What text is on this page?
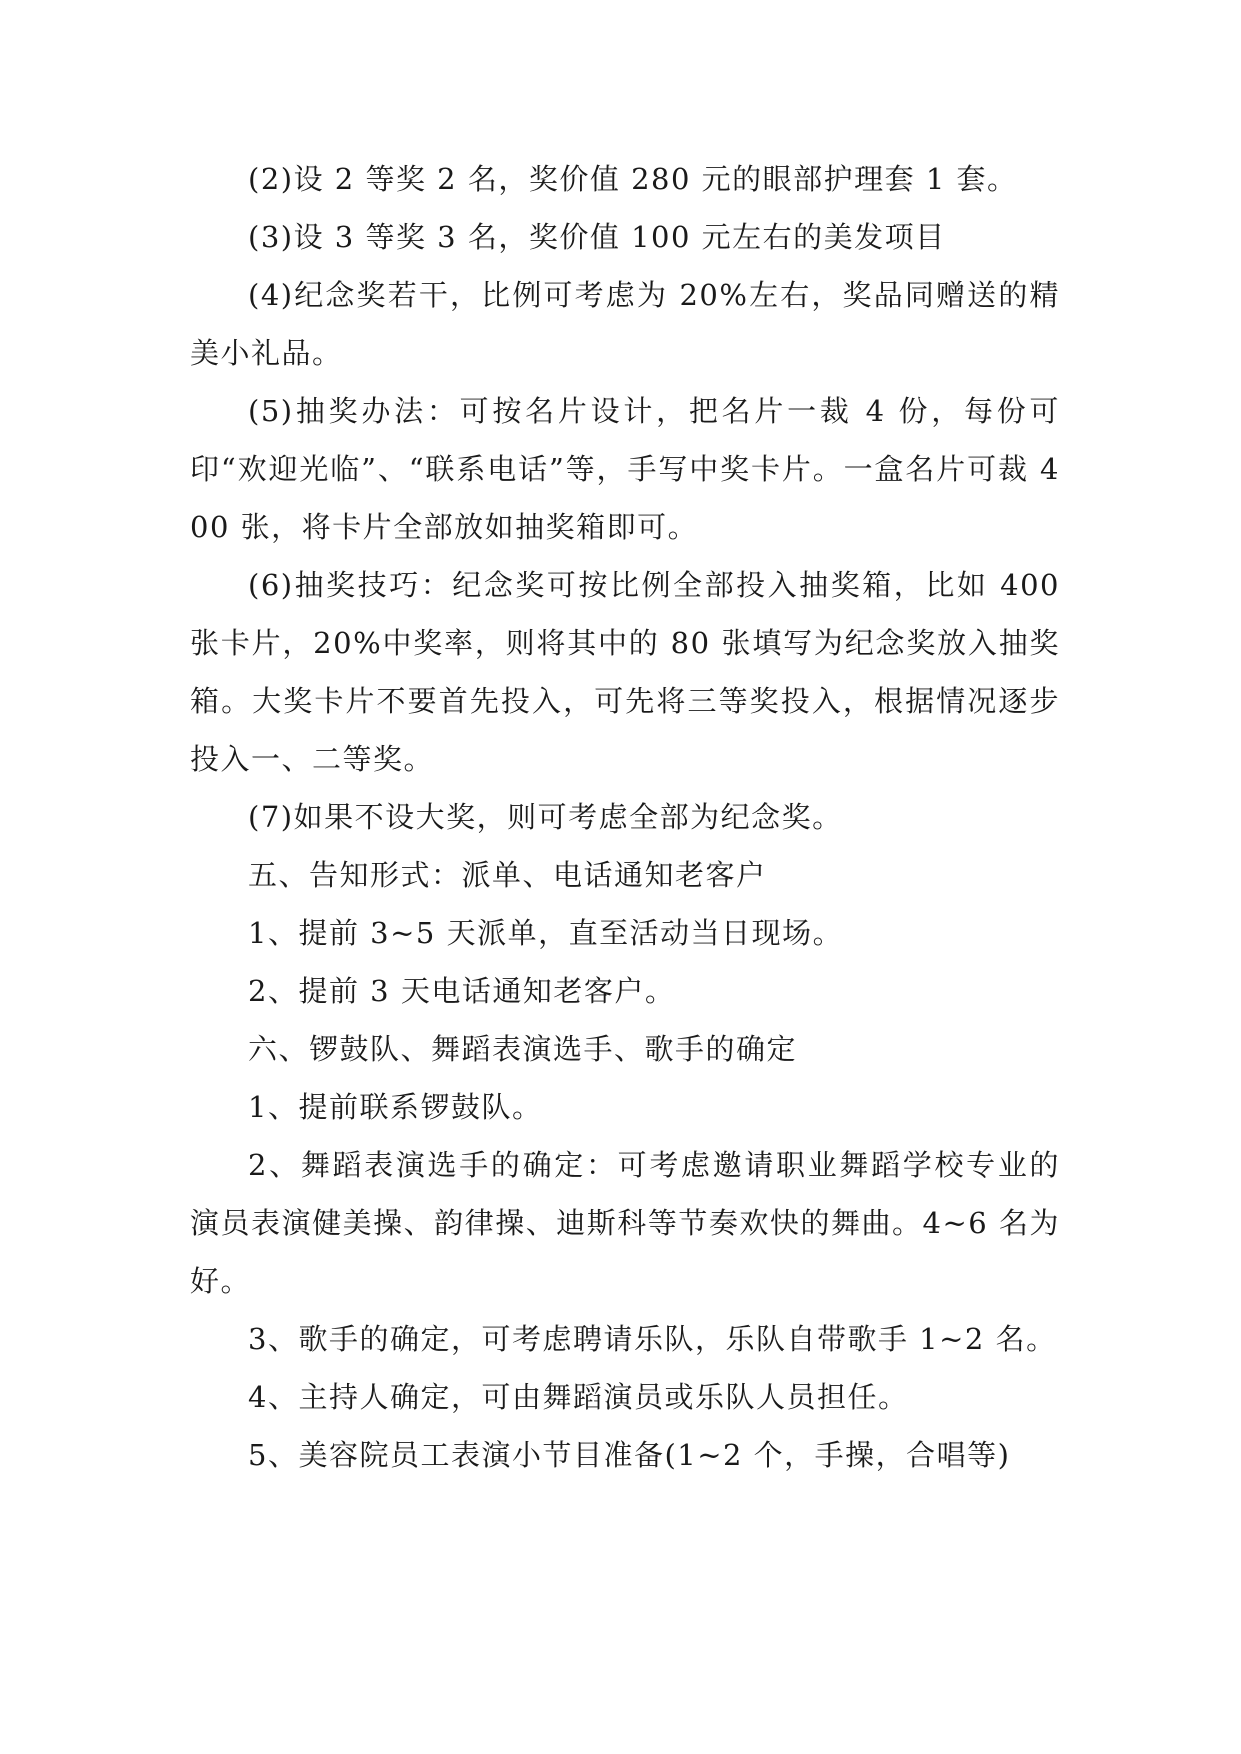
(2)设 2 等奖 2 名，奖价值 280 元的眼部护理套 1 套。

(3)设 3 等奖 3 名，奖价值 100 元左右的美发项目

(4)纪念奖若干，比例可考虑为 20%左右，奖品同赠送的精美小礼品。

(5)抽奖办法：可按名片设计，把名片一裁 4 份，每份可印“欢迎光临”、“联系电话”等，手写中奖卡片。一盒名片可裁 400 张，将卡片全部放如抽奖箱即可。

(6)抽奖技巧：纪念奖可按比例全部投入抽奖箱，比如 400 张卡片，20%中奖率，则将其中的 80 张填写为纪念奖放入抽奖箱。大奖卡片不要首先投入，可先将三等奖投入，根据情况逐步投入一、二等奖。

(7)如果不设大奖，则可考虑全部为纪念奖。

五、告知形式：派单、电话通知老客户

1、提前 3~5 天派单，直至活动当日现场。

2、提前 3 天电话通知老客户。

六、锣鼓队、舞蹈表演选手、歌手的确定

1、提前联系锣鼓队。

2、舞蹈表演选手的确定：可考虑邀请职业舞蹈学校专业的演员表演健美操、韵律操、迪斯科等节奏欢快的舞曲。4~6 名为好。

3、歌手的确定，可考虑聘请乐队，乐队自带歌手 1~2 名。

4、主持人确定，可由舞蹈演员或乐队人员担任。

5、美容院员工表演小节目准备(1~2 个，手操，合唱等)
